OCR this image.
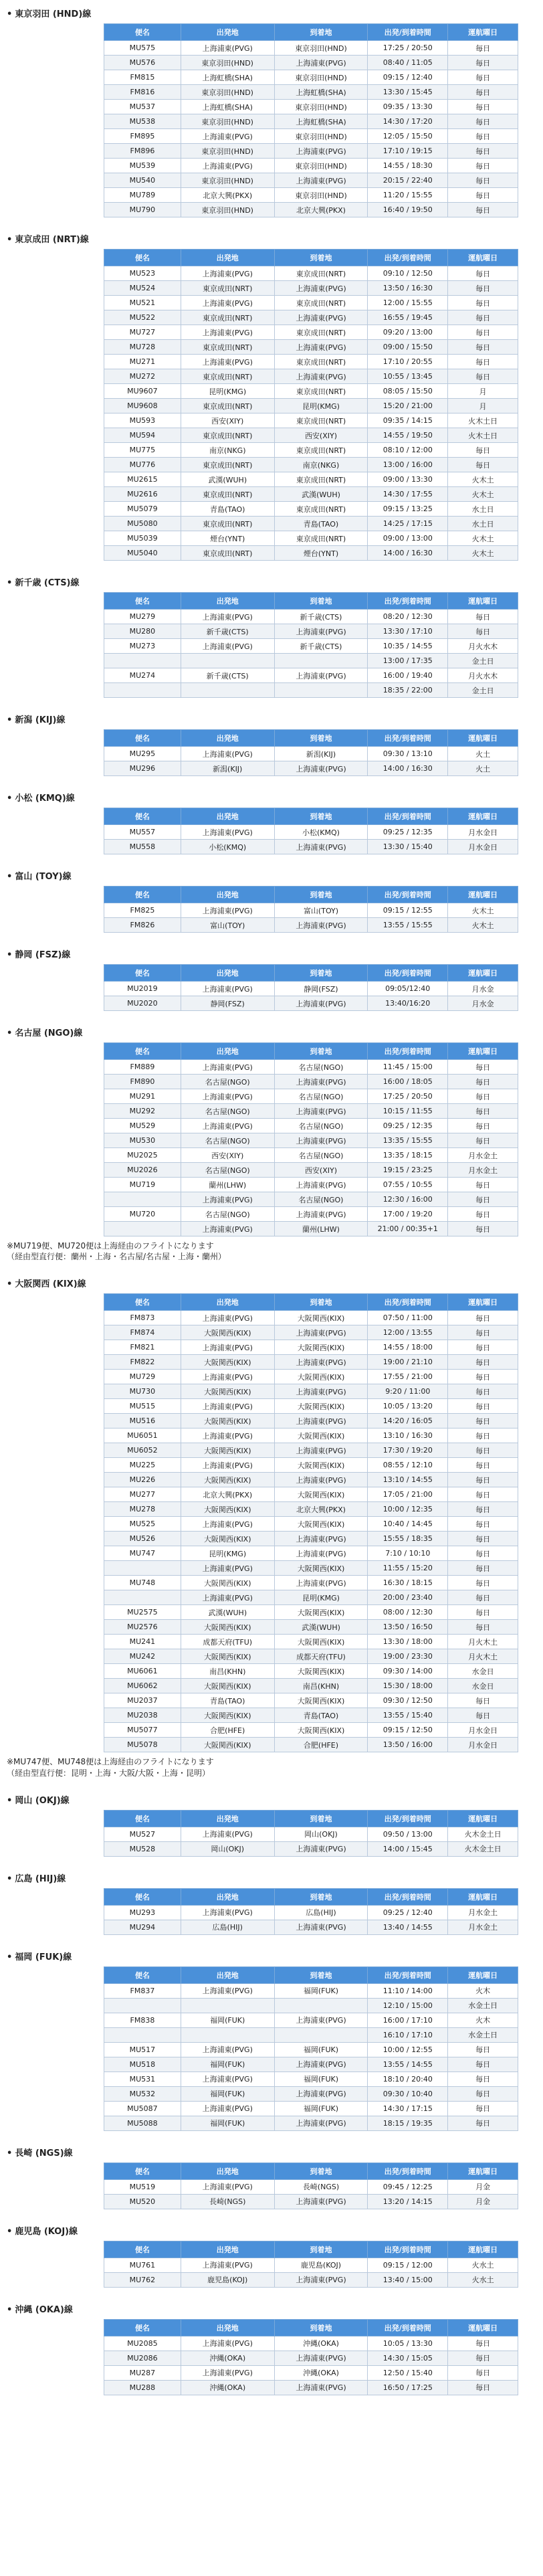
• 東京羽田 (HND)線
便名	出発地	到着地	出発/到着時間	運航曜日
MU575	上海浦東(PVG)	東京羽田(HND)	17:25 / 20:50	毎日
MU576	東京羽田(HND)	上海浦東(PVG)	08:40 / 11:05	毎日
FM815	上海虹橋(SHA)	東京羽田(HND)	09:15 / 12:40	毎日
FM816	東京羽田(HND)	上海虹橋(SHA)	13:30 / 15:45	毎日
MU537	上海虹橋(SHA)	東京羽田(HND)	09:35 / 13:30	毎日
MU538	東京羽田(HND)	上海虹橋(SHA)	14:30 / 17:20	毎日
FM895	上海浦東(PVG)	東京羽田(HND)	12:05 / 15:50	毎日
FM896	東京羽田(HND)	上海浦東(PVG)	17:10 / 19:15	毎日
MU539	上海浦東(PVG)	東京羽田(HND)	14:55 / 18:30	毎日
MU540	東京羽田(HND)	上海浦東(PVG)	20:15 / 22:40	毎日
MU789	北京大興(PKX)	東京羽田(HND)	11:20 / 15:55	毎日
MU790	東京羽田(HND)	北京大興(PKX)	16:40 / 19:50	毎日
• 東京成田 (NRT)線
便名	出発地	到着地	出発/到着時間	運航曜日
MU523	上海浦東(PVG)	東京成田(NRT)	09:10 / 12:50	毎日
MU524	東京成田(NRT)	上海浦東(PVG)	13:50 / 16:30	毎日
MU521	上海浦東(PVG)	東京成田(NRT)	12:00 / 15:55	毎日
MU522	東京成田(NRT)	上海浦東(PVG)	16:55 / 19:45	毎日
MU727	上海浦東(PVG)	東京成田(NRT)	09:20 / 13:00	毎日
MU728	東京成田(NRT)	上海浦東(PVG)	09:00 / 15:50	毎日
MU271	上海浦東(PVG)	東京成田(NRT)	17:10 / 20:55	毎日
MU272	東京成田(NRT)	上海浦東(PVG)	10:55 / 13:45	毎日
MU9607	昆明(KMG)	東京成田(NRT)	08:05 / 15:50	月
MU9608	東京成田(NRT)	昆明(KMG)	15:20 / 21:00	月
MU593	西安(XIY)	東京成田(NRT)	09:35 / 14:15	火木土日
MU594	東京成田(NRT)	西安(XIY)	14:55 / 19:50	火木土日
MU775	南京(NKG)	東京成田(NRT)	08:10 / 12:00	毎日
MU776	東京成田(NRT)	南京(NKG)	13:00 / 16:00	毎日
MU2615	武漢(WUH)	東京成田(NRT)	09:00 / 13:30	火木土
MU2616	東京成田(NRT)	武漢(WUH)	14:30 / 17:55	火木土
MU5079	青島(TAO)	東京成田(NRT)	09:15 / 13:25	水土日
MU5080	東京成田(NRT)	青島(TAO)	14:25 / 17:15	水土日
MU5039	煙台(YNT)	東京成田(NRT)	09:00 / 13:00	火木土
MU5040	東京成田(NRT)	煙台(YNT)	14:00 / 16:30	火木土
• 新千歳 (CTS)線
便名	出発地	到着地	出発/到着時間	運航曜日
MU279	上海浦東(PVG)	新千歳(CTS)	08:20 / 12:30	毎日
MU280	新千歳(CTS)	上海浦東(PVG)	13:30 / 17:10	毎日
MU273	上海浦東(PVG)	新千歳(CTS)	10:35 / 14:55	月火水木
			13:00 / 17:35	金土日
MU274	新千歳(CTS)	上海浦東(PVG)	16:00 / 19:40	月火水木
			18:35 / 22:00	金土日
• 新潟 (KIJ)線
便名	出発地	到着地	出発/到着時間	運航曜日
MU295	上海浦東(PVG)	新潟(KIJ)	09:30 / 13:10	火土
MU296	新潟(KIJ)	上海浦東(PVG)	14:00 / 16:30	火土
• 小松 (KMQ)線
便名	出発地	到着地	出発/到着時間	運航曜日
MU557	上海浦東(PVG)	小松(KMQ)	09:25 / 12:35	月水金日
MU558	小松(KMQ)	上海浦東(PVG)	13:30 / 15:40	月水金日
• 富山 (TOY)線
便名	出発地	到着地	出発/到着時間	運航曜日
FM825	上海浦東(PVG)	富山(TOY)	09:15 / 12:55	火木土
FM826	富山(TOY)	上海浦東(PVG)	13:55 / 15:55	火木土
• 静岡 (FSZ)線
便名	出発地	到着地	出発/到着時間	運航曜日
MU2019	上海浦東(PVG)	静岡(FSZ)	09:05/12:40	月水金
MU2020	静岡(FSZ)	上海浦東(PVG)	13:40/16:20	月水金
• 名古屋 (NGO)線
便名	出発地	到着地	出発/到着時間	運航曜日
FM889	上海浦東(PVG)	名古屋(NGO)	11:45 / 15:00	毎日
FM890	名古屋(NGO)	上海浦東(PVG)	16:00 / 18:05	毎日
MU291	上海浦東(PVG)	名古屋(NGO)	17:25 / 20:50	毎日
MU292	名古屋(NGO)	上海浦東(PVG)	10:15 / 11:55	毎日
MU529	上海浦東(PVG)	名古屋(NGO)	09:25 / 12:35	毎日
MU530	名古屋(NGO)	上海浦東(PVG)	13:35 / 15:55	毎日
MU2025	西安(XIY)	名古屋(NGO)	13:35 / 18:15	月水金土
MU2026	名古屋(NGO)	西安(XIY)	19:15 / 23:25	月水金土
MU719	蘭州(LHW)	上海浦東(PVG)	07:55 / 10:55	毎日
	上海浦東(PVG)	名古屋(NGO)	12:30 / 16:00	毎日
MU720	名古屋(NGO)	上海浦東(PVG)	17:00 / 19:20	毎日
	上海浦東(PVG)	蘭州(LHW)	21:00 / 00:35+1	毎日
※MU719便、MU720便は上海経由のフライトになります
（経由型直行便：蘭州・上海・名古屋/名古屋・上海・蘭州）
• 大阪関西 (KIX)線
便名	出発地	到着地	出発/到着時間	運航曜日
FM873	上海浦東(PVG)	大阪関西(KIX)	07:50 / 11:00	毎日
FM874	大阪関西(KIX)	上海浦東(PVG)	12:00 / 13:55	毎日
FM821	上海浦東(PVG)	大阪関西(KIX)	14:55 / 18:00	毎日
FM822	大阪関西(KIX)	上海浦東(PVG)	19:00 / 21:10	毎日
MU729	上海浦東(PVG)	大阪関西(KIX)	17:55 / 21:00	毎日
MU730	大阪関西(KIX)	上海浦東(PVG)	9:20 / 11:00	毎日
MU515	上海浦東(PVG)	大阪関西(KIX)	10:05 / 13:20	毎日
MU516	大阪関西(KIX)	上海浦東(PVG)	14:20 / 16:05	毎日
MU6051	上海浦東(PVG)	大阪関西(KIX)	13:10 / 16:30	毎日
MU6052	大阪関西(KIX)	上海浦東(PVG)	17:30 / 19:20	毎日
MU225	上海浦東(PVG)	大阪関西(KIX)	08:55 / 12:10	毎日
MU226	大阪関西(KIX)	上海浦東(PVG)	13:10 / 14:55	毎日
MU277	北京大興(PKX)	大阪関西(KIX)	17:05 / 21:00	毎日
MU278	大阪関西(KIX)	北京大興(PKX)	10:00 / 12:35	毎日
MU525	上海浦東(PVG)	大阪関西(KIX)	10:40 / 14:45	毎日
MU526	大阪関西(KIX)	上海浦東(PVG)	15:55 / 18:35	毎日
MU747	昆明(KMG)	上海浦東(PVG)	7:10 / 10:10	毎日
	上海浦東(PVG)	大阪関西(KIX)	11:55 / 15:20	毎日
MU748	大阪関西(KIX)	上海浦東(PVG)	16:30 / 18:15	毎日
	上海浦東(PVG)	昆明(KMG)	20:00 / 23:40	毎日
MU2575	武漢(WUH)	大阪関西(KIX)	08:00 / 12:30	毎日
MU2576	大阪関西(KIX)	武漢(WUH)	13:50 / 16:50	毎日
MU241	成都天府(TFU)	大阪関西(KIX)	13:30 / 18:00	月火木土
MU242	大阪関西(KIX)	成都天府(TFU)	19:00 / 23:30	月火木土
MU6061	南昌(KHN)	大阪関西(KIX)	09:30 / 14:00	水金日
MU6062	大阪関西(KIX)	南昌(KHN)	15:30 / 18:00	水金日
MU2037	青島(TAO)	大阪関西(KIX)	09:30 / 12:50	毎日
MU2038	大阪関西(KIX)	青島(TAO)	13:55 / 15:40	毎日
MU5077	合肥(HFE)	大阪関西(KIX)	09:15 / 12:50	月水金日
MU5078	大阪関西(KIX)	合肥(HFE)	13:50 / 16:00	月水金日
※MU747便、MU748便は上海経由のフライトになります
（経由型直行便：昆明・上海・大阪/大阪・上海・昆明）
• 岡山 (OKJ)線
便名	出発地	到着地	出発/到着時間	運航曜日
MU527	上海浦東(PVG)	岡山(OKJ)	09:50 / 13:00	火木金土日
MU528	岡山(OKJ)	上海浦東(PVG)	14:00 / 15:45	火木金土日
• 広島 (HIJ)線
便名	出発地	到着地	出発/到着時間	運航曜日
MU293	上海浦東(PVG)	広島(HIJ)	09:25 / 12:40	月水金土
MU294	広島(HIJ)	上海浦東(PVG)	13:40 / 14:55	月水金土
• 福岡 (FUK)線
便名	出発地	到着地	出発/到着時間	運航曜日
FM837	上海浦東(PVG)	福岡(FUK)	11:10 / 14:00	火木
			12:10 / 15:00	水金土日
FM838	福岡(FUK)	上海浦東(PVG)	16:00 / 17:10	火木
			16:10 / 17:10	水金土日
MU517	上海浦東(PVG)	福岡(FUK)	10:00 / 12:55	毎日
MU518	福岡(FUK)	上海浦東(PVG)	13:55 / 14:55	毎日
MU531	上海浦東(PVG)	福岡(FUK)	18:10 / 20:40	毎日
MU532	福岡(FUK)	上海浦東(PVG)	09:30 / 10:40	毎日
MU5087	上海浦東(PVG)	福岡(FUK)	14:30 / 17:15	毎日
MU5088	福岡(FUK)	上海浦東(PVG)	18:15 / 19:35	毎日
• 長崎 (NGS)線
便名	出発地	到着地	出発/到着時間	運航曜日
MU519	上海浦東(PVG)	長崎(NGS)	09:45 / 12:25	月金
MU520	長崎(NGS)	上海浦東(PVG)	13:20 / 14:15	月金
• 鹿児島 (KOJ)線
便名	出発地	到着地	出発/到着時間	運航曜日
MU761	上海浦東(PVG)	鹿児島(KOJ)	09:15 / 12:00	火水土
MU762	鹿児島(KOJ)	上海浦東(PVG)	13:40 / 15:00	火水土
• 沖縄 (OKA)線
便名	出発地	到着地	出発/到着時間	運航曜日
MU2085	上海浦東(PVG)	沖縄(OKA)	10:05 / 13:30	毎日
MU2086	沖縄(OKA)	上海浦東(PVG)	14:30 / 15:05	毎日
MU287	上海浦東(PVG)	沖縄(OKA)	12:50 / 15:40	毎日
MU288	沖縄(OKA)	上海浦東(PVG)	16:50 / 17:25	毎日
